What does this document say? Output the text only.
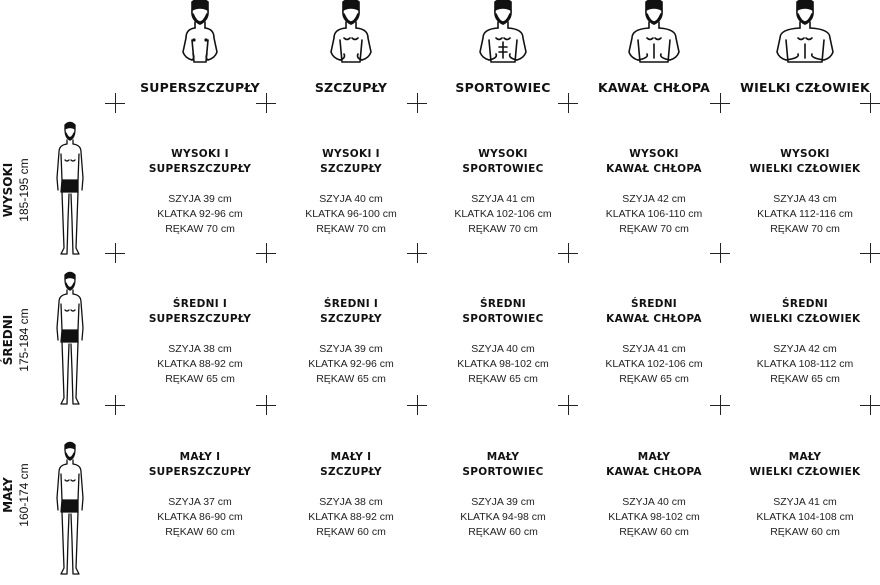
SUPERSZCZUPŁY	SZCZUPŁY	SPORTOWIEC	KAWAŁ CHŁOPA	WIELKI CZŁOWIEK
WYSOKI 185-195 cm
WYSOKI I
SUPERSZCZUPŁY
SZYJA 39 cm
KLATKA 92-96 cm
RĘKAW 70 cm
WYSOKI I
SZCZUPŁY
SZYJA 40 cm
KLATKA 96-100 cm
RĘKAW 70 cm
WYSOKI
SPORTOWIEC
SZYJA 41 cm
KLATKA 102-106 cm
RĘKAW 70 cm
WYSOKI
KAWAŁ CHŁOPA
SZYJA 42 cm
KLATKA 106-110 cm
RĘKAW 70 cm
WYSOKI
WIELKI CZŁOWIEK
SZYJA 43 cm
KLATKA 112-116 cm
RĘKAW 70 cm
ŚREDNI 175-184 cm
ŚREDNI I
SUPERSZCZUPŁY
SZYJA 38 cm
KLATKA 88-92 cm
RĘKAW 65 cm
ŚREDNI I
SZCZUPŁY
SZYJA 39 cm
KLATKA 92-96 cm
RĘKAW 65 cm
ŚREDNI
SPORTOWIEC
SZYJA 40 cm
KLATKA 98-102 cm
RĘKAW 65 cm
ŚREDNI
KAWAŁ CHŁOPA
SZYJA 41 cm
KLATKA 102-106 cm
RĘKAW 65 cm
ŚREDNI
WIELKI CZŁOWIEK
SZYJA 42 cm
KLATKA 108-112 cm
RĘKAW 65 cm
MAŁY 160-174 cm
MAŁY I
SUPERSZCZUPŁY
SZYJA 37 cm
KLATKA 86-90 cm
RĘKAW 60 cm
MAŁY I
SZCZUPŁY
SZYJA 38 cm
KLATKA 88-92 cm
RĘKAW 60 cm
MAŁY
SPORTOWIEC
SZYJA 39 cm
KLATKA 94-98 cm
RĘKAW 60 cm
MAŁY
KAWAŁ CHŁOPA
SZYJA 40 cm
KLATKA 98-102 cm
RĘKAW 60 cm
MAŁY
WIELKI CZŁOWIEK
SZYJA 41 cm
KLATKA 104-108 cm
RĘKAW 60 cm
